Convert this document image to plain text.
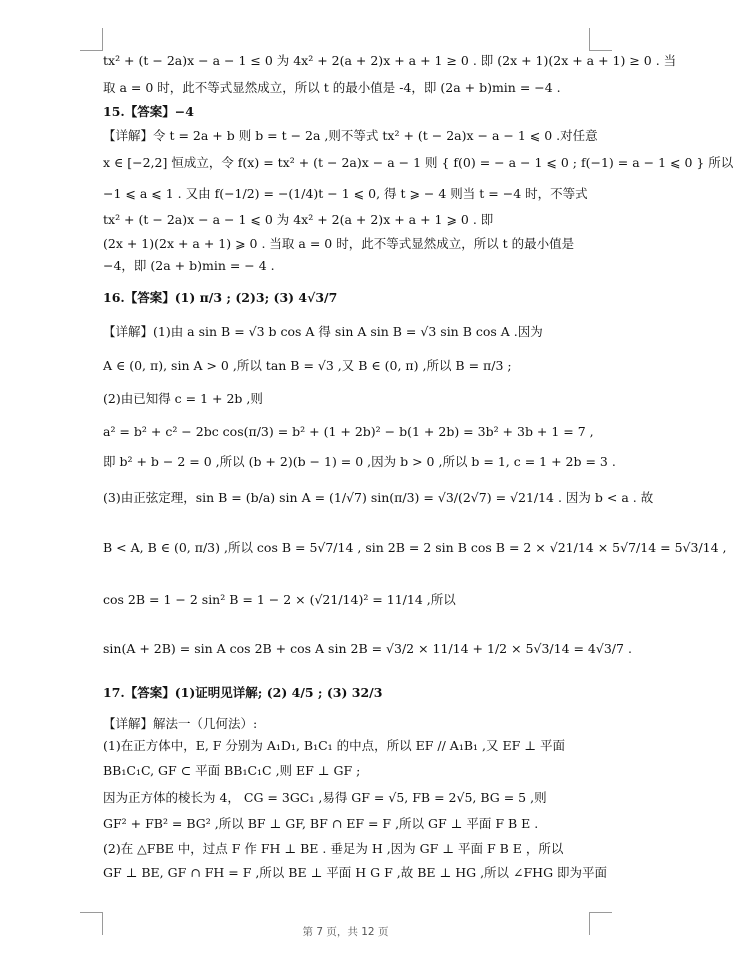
tx² + (t − 2a)x − a − 1 ≤ 0 为 4x² + 2(a + 2)x + a + 1 ≥ 0 . 即 (2x + 1)(2x + a + 1) ≥ 0 . 当
取 a = 0 时，此不等式显然成立，所以 t 的最小值是 -4，即 (2a + b)min = −4 .
15.【答案】−4
【详解】令 t = 2a + b 则 b = t − 2a ,则不等式 tx² + (t − 2a)x − a − 1 ⩽ 0 .对任意
x ∈ [−2,2] 恒成立，令 f(x) = tx² + (t − 2a)x − a − 1 则 { f(0) = − a − 1 ⩽ 0 ; f(−1) = a − 1 ⩽ 0 } 所以
−1 ⩽ a ⩽ 1 . 又由 f(−1/2) = −(1/4)t − 1 ⩽ 0, 得 t ⩾ − 4 则当 t = −4 时，不等式
tx² + (t − 2a)x − a − 1 ⩽ 0 为 4x² + 2(a + 2)x + a + 1 ⩾ 0 . 即
(2x + 1)(2x + a + 1) ⩾ 0 . 当取 a = 0 时，此不等式显然成立，所以 t 的最小值是
−4，即 (2a + b)min = − 4 .
16.【答案】(1) π/3 ; (2)3; (3) 4√3/7
【详解】(1)由 a sin B = √3 b cos A 得 sin A sin B = √3 sin B cos A .因为
A ∈ (0, π), sin A > 0 ,所以 tan B = √3 ,又 B ∈ (0, π) ,所以 B = π/3 ;
(2)由已知得 c = 1 + 2b ,则
a² = b² + c² − 2bc cos(π/3) = b² + (1 + 2b)² − b(1 + 2b) = 3b² + 3b + 1 = 7 ,
即 b² + b − 2 = 0 ,所以 (b + 2)(b − 1) = 0 ,因为 b > 0 ,所以 b = 1, c = 1 + 2b = 3 .
(3)由正弦定理，sin B = (b/a) sin A = (1/√7) sin(π/3) = √3/(2√7) = √21/14 . 因为 b < a . 故
B < A, B ∈ (0, π/3) ,所以 cos B = 5√7/14 , sin 2B = 2 sin B cos B = 2 × √21/14 × 5√7/14 = 5√3/14 ,
cos 2B = 1 − 2 sin² B = 1 − 2 × (√21/14)² = 11/14 ,所以
sin(A + 2B) = sin A cos 2B + cos A sin 2B = √3/2 × 11/14 + 1/2 × 5√3/14 = 4√3/7 .
17.【答案】(1)证明见详解; (2) 4/5 ; (3) 32/3
【详解】解法一（几何法）:
(1)在正方体中，E, F 分别为 A₁D₁, B₁C₁ 的中点，所以 EF // A₁B₁ ,又 EF ⊥ 平面
BB₁C₁C, GF ⊂ 平面 BB₁C₁C ,则 EF ⊥ GF ;
因为正方体的棱长为 4， CG = 3GC₁ ,易得 GF = √5, FB = 2√5, BG = 5 ,则
GF² + FB² = BG² ,所以 BF ⊥ GF, BF ∩ EF = F ,所以 GF ⊥ 平面 F B E .
(2)在 △FBE 中，过点 F 作 FH ⊥ BE . 垂足为 H ,因为 GF ⊥ 平面 F B E ，所以
GF ⊥ BE, GF ∩ FH = F ,所以 BE ⊥ 平面 H G F ,故 BE ⊥ HG ,所以 ∠FHG 即为平面
第 7 页，共 12 页
